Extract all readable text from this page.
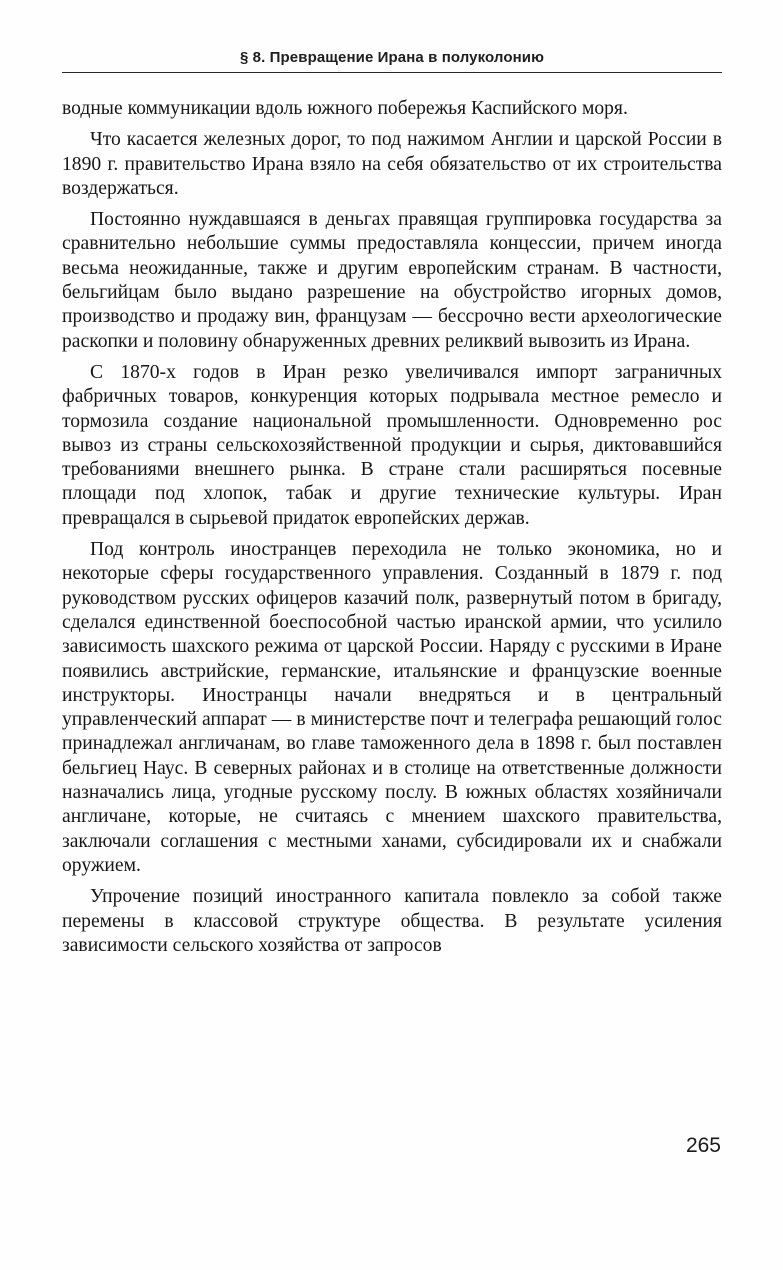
§ 8. Превращение Ирана в полуколонию

водные коммуникации вдоль южного побережья Каспийского моря.

Что касается железных дорог, то под нажимом Англии и царской России в 1890 г. правительство Ирана взяло на себя обязательство от их строительства воздержаться.

Постоянно нуждавшаяся в деньгах правящая группировка государства за сравнительно небольшие суммы предоставляла концессии, причем иногда весьма неожиданные, также и другим европейским странам. В частности, бельгийцам было выдано разрешение на обустройство игорных домов, производство и продажу вин, французам — бессрочно вести археологические раскопки и половину обнаруженных древних реликвий вывозить из Ирана.

С 1870-х годов в Иран резко увеличивался импорт заграничных фабричных товаров, конкуренция которых подрывала местное ремесло и тормозила создание национальной промышленности. Одновременно рос вывоз из страны сельскохозяйственной продукции и сырья, диктовавшийся требованиями внешнего рынка. В стране стали расширяться посевные площади под хлопок, табак и другие технические культуры. Иран превращался в сырьевой придаток европейских держав.

Под контроль иностранцев переходила не только экономика, но и некоторые сферы государственного управления. Созданный в 1879 г. под руководством русских офицеров казачий полк, развернутый потом в бригаду, сделался единственной боеспособной частью иранской армии, что усилило зависимость шахского режима от царской России. Наряду с русскими в Иране появились австрийские, германские, итальянские и французские военные инструкторы. Иностранцы начали внедряться и в центральный управленческий аппарат — в министерстве почт и телеграфа решающий голос принадлежал англичанам, во главе таможенного дела в 1898 г. был поставлен бельгиец Наус. В северных районах и в столице на ответственные должности назначались лица, угодные русскому послу. В южных областях хозяйничали англичане, которые, не считаясь с мнением шахского правительства, заключали соглашения с местными ханами, субсидировали их и снабжали оружием.

Упрочение позиций иностранного капитала повлекло за собой также перемены в классовой структуре общества. В результате усиления зависимости сельского хозяйства от запросов

265
